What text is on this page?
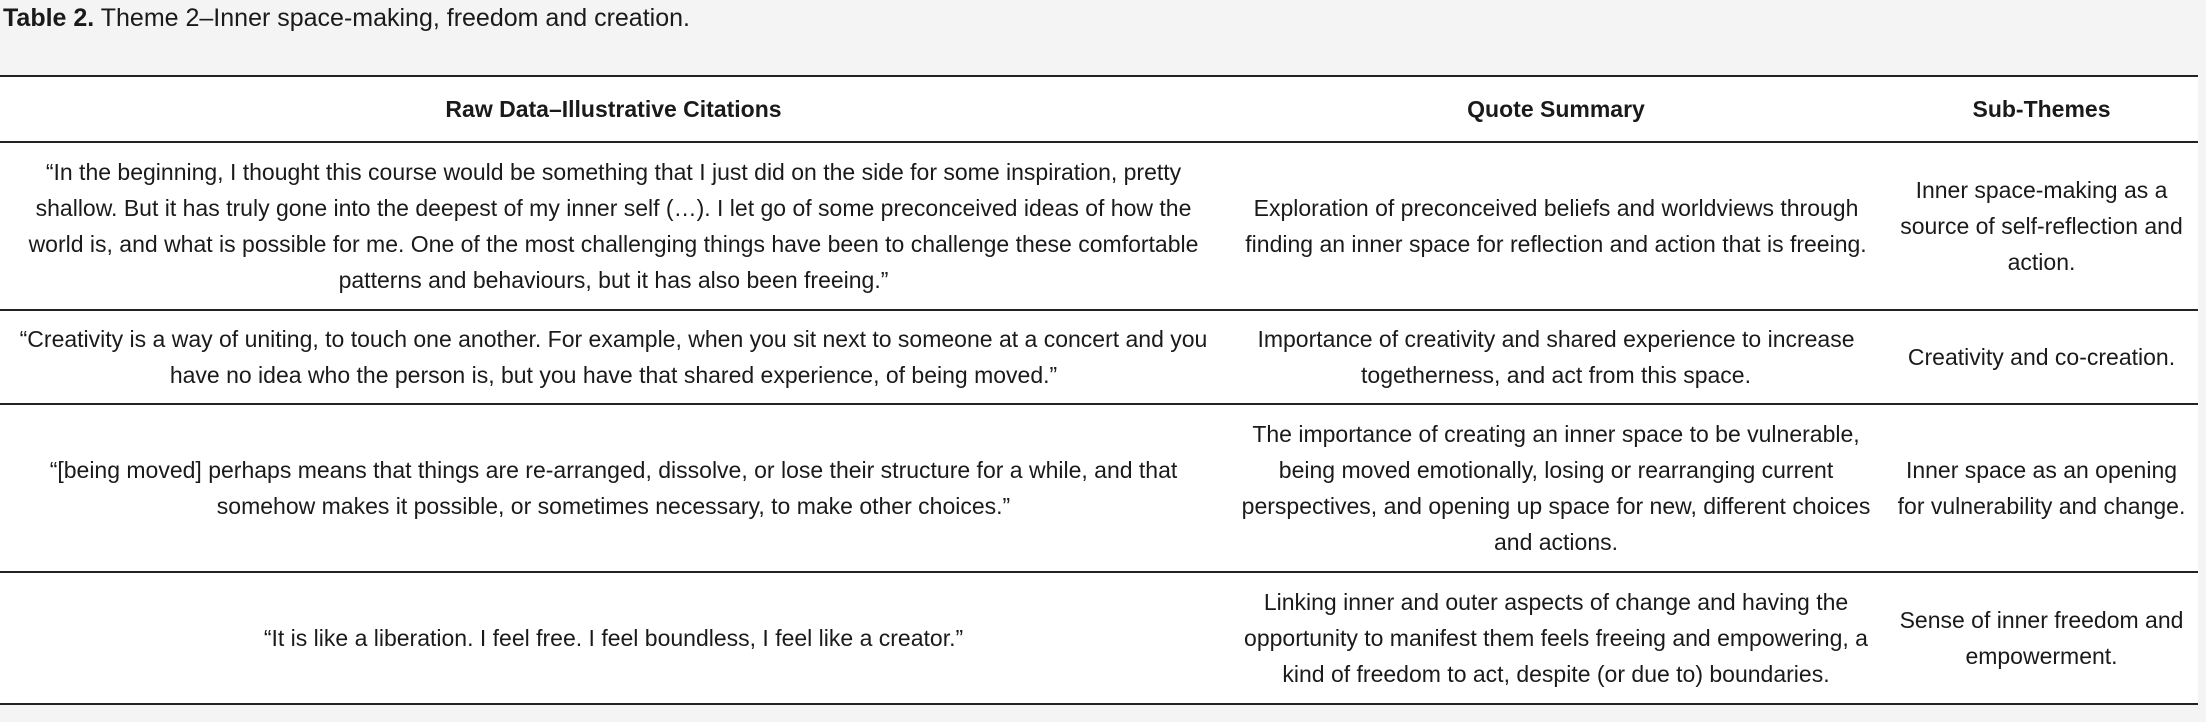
Table 2. Theme 2–Inner space-making, freedom and creation.
Raw Data–Illustrative Citations	Quote Summary	Sub-Themes
“In the beginning, I thought this course would be something that I just did on the side for some inspiration, pretty shallow. But it has truly gone into the deepest of my inner self (…). I let go of some preconceived ideas of how the world is, and what is possible for me. One of the most challenging things have been to challenge these comfortable patterns and behaviours, but it has also been freeing.”	Exploration of preconceived beliefs and worldviews through finding an inner space for reflection and action that is freeing.	Inner space-making as a source of self-reflection and action.
“Creativity is a way of uniting, to touch one another. For example, when you sit next to someone at a concert and you have no idea who the person is, but you have that shared experience, of being moved.”	Importance of creativity and shared experience to increase togetherness, and act from this space.	Creativity and co-creation.
“[being moved] perhaps means that things are re-arranged, dissolve, or lose their structure for a while, and that somehow makes it possible, or sometimes necessary, to make other choices.”	The importance of creating an inner space to be vulnerable, being moved emotionally, losing or rearranging current perspectives, and opening up space for new, different choices and actions.	Inner space as an opening for vulnerability and change.
“It is like a liberation. I feel free. I feel boundless, I feel like a creator.”	Linking inner and outer aspects of change and having the opportunity to manifest them feels freeing and empowering, a kind of freedom to act, despite (or due to) boundaries.	Sense of inner freedom and empowerment.
